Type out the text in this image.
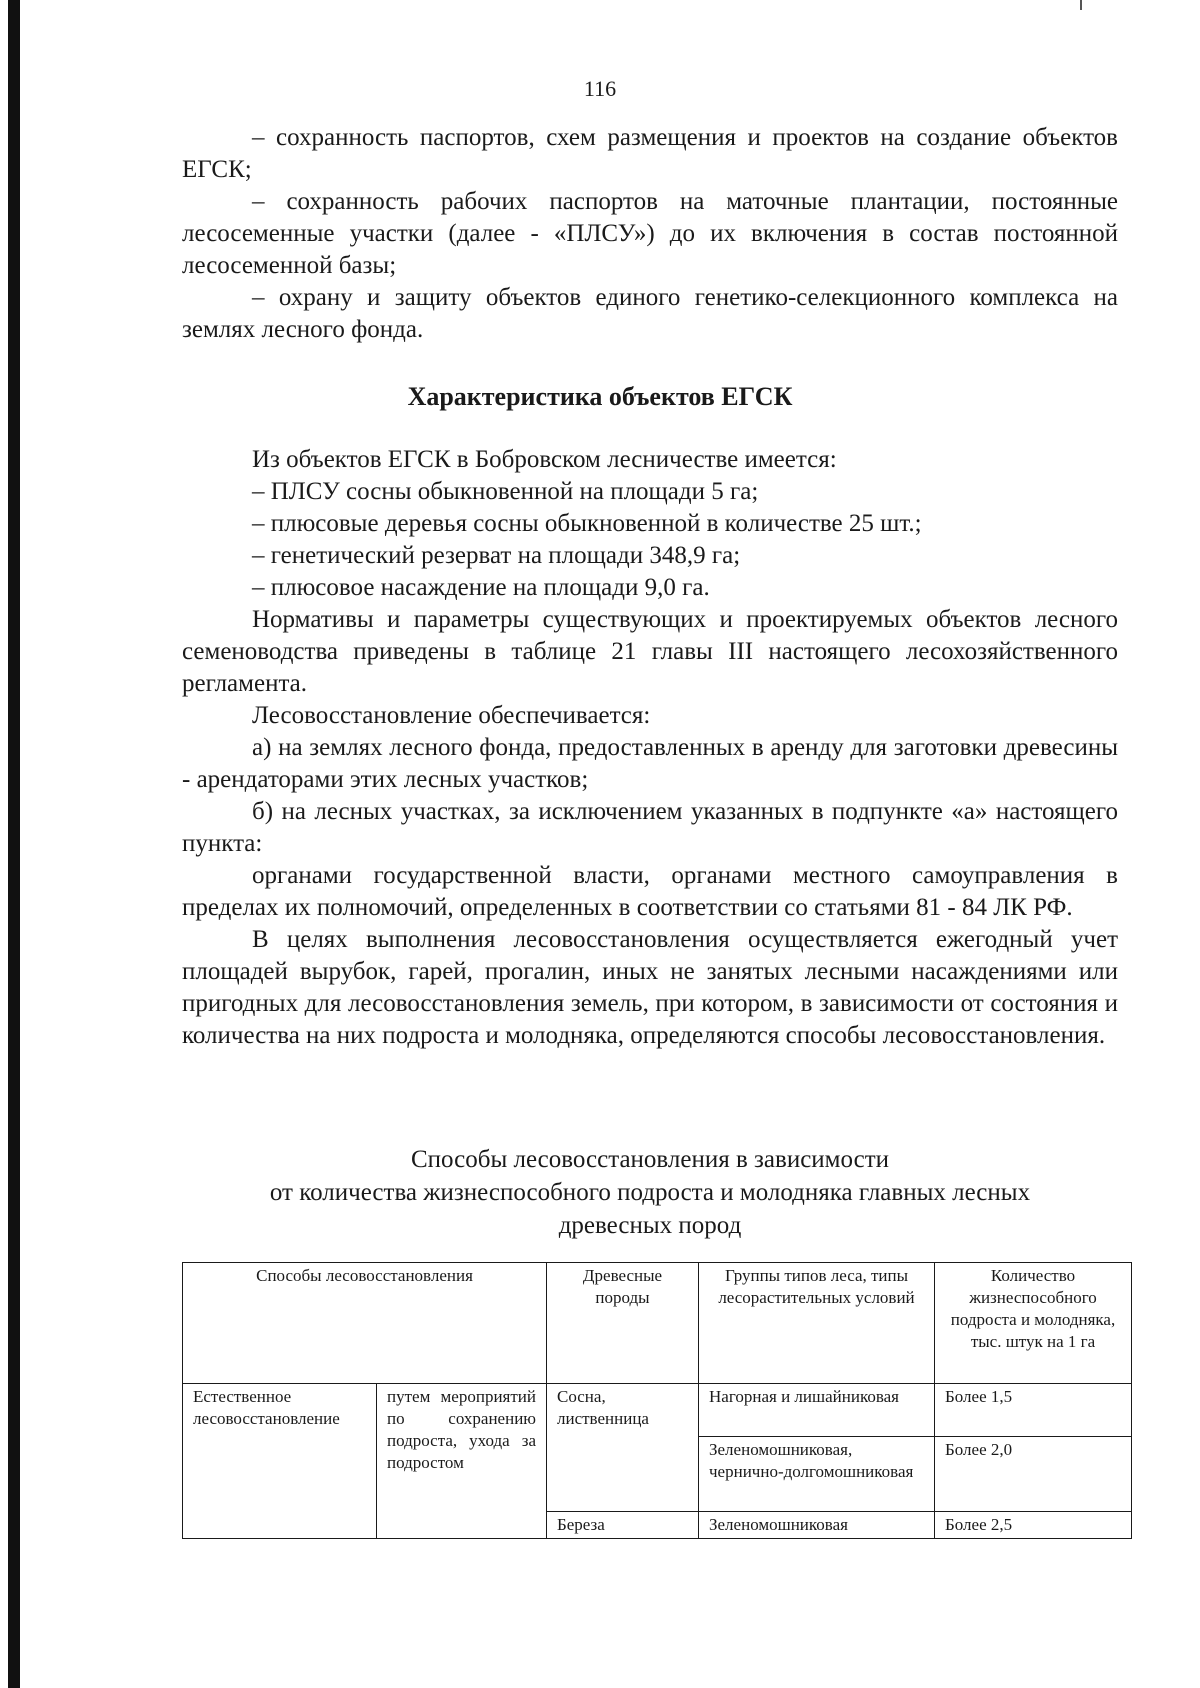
116

– сохранность паспортов, схем размещения и проектов на создание объектов ЕГСК;

– сохранность рабочих паспортов на маточные плантации, постоянные лесосеменные участки (далее - «ПЛСУ») до их включения в состав постоянной лесосеменной базы;

– охрану и защиту объектов единого генетико-селекционного комплекса на землях лесного фонда.

Характеристика объектов ЕГСК

Из объектов ЕГСК в Бобровском лесничестве имеется:

– ПЛСУ сосны обыкновенной на площади 5 га;

– плюсовые деревья сосны обыкновенной в количестве 25 шт.;

– генетический резерват на площади 348,9 га;

– плюсовое насаждение на площади 9,0 га.

Нормативы и параметры существующих и проектируемых объектов лесного семеноводства приведены в таблице 21 главы III настоящего лесохозяйственного регламента.

Лесовосстановление обеспечивается:

а) на землях лесного фонда, предоставленных в аренду для заготовки древесины - арендаторами этих лесных участков;

б) на лесных участках, за исключением указанных в подпункте «а» настоящего пункта:

органами государственной власти, органами местного самоуправления в пределах их полномочий, определенных в соответствии со статьями 81 - 84 ЛК РФ.

В целях выполнения лесовосстановления осуществляется ежегодный учет площадей вырубок, гарей, прогалин, иных не занятых лесными насаждениями или пригодных для лесовосстановления земель, при котором, в зависимости от состояния и количества на них подроста и молодняка, определяются способы лесовосстановления.

Способы лесовосстановления в зависимости
от количества жизнеспособного подроста и молодняка главных лесных
древесных пород
Способы лесовосстановления		Древесные породы	Группы типов леса, типы лесорастительных условий	Количество жизнеспособного подроста и молодняка, тыс. штук на 1 га
Естественное лесовосстановление	путем мероприятий по сохранению подроста, ухода за подростом	Сосна, лиственница	Нагорная и лишайниковая	Более 1,5
			Зеленомошниковая, чернично-долгомошниковая	Более 2,0
		Береза	Зеленомошниковая	Более 2,5
